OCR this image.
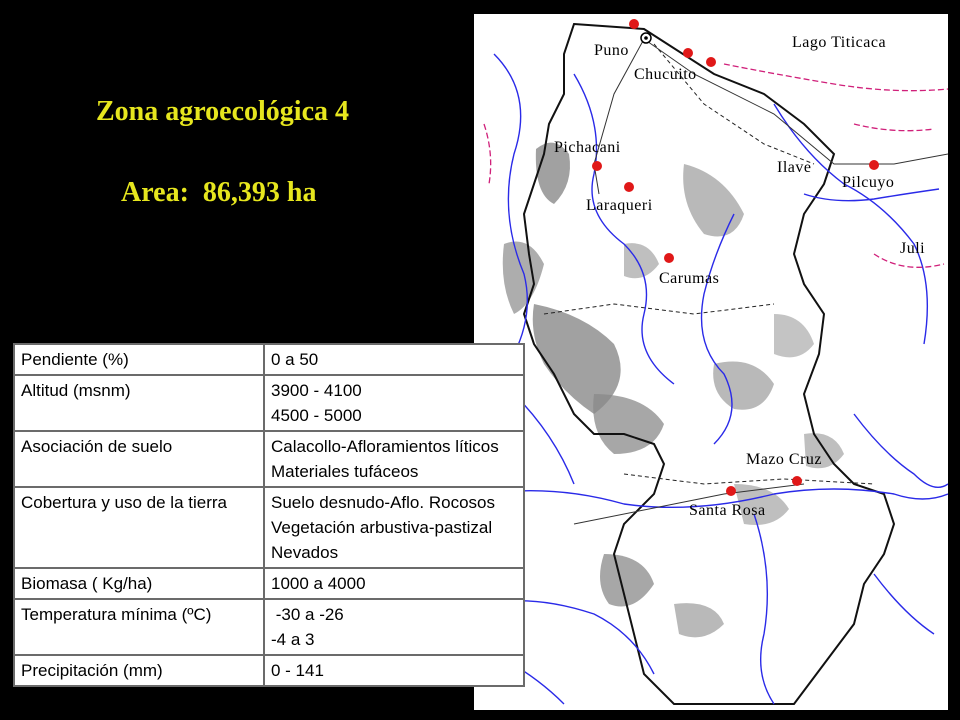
Zona agroecológica 4
Area:  86,393 ha
Lago Titicaca
Puno
Chucuito
Pichacani
Ilave
Pilcuyo
Laraqueri
Juli
Carumas
Mazo Cruz
Santa Rosa
Pendiente (%)	0 a 50

Altitud (msnm)	3900 - 4100
4500 - 5000

Asociación de suelo	Calacollo-Afloramientos líticos
Materiales tufáceos

Cobertura y uso de la tierra	Suelo desnudo-Aflo. Rocosos
Vegetación arbustiva-pastizal
Nevados

Biomasa ( Kg/ha)	1000 a 4000

Temperatura mínima (ºC)	-30 a -26
-4 a 3

Precipitación (mm)	0 - 141
